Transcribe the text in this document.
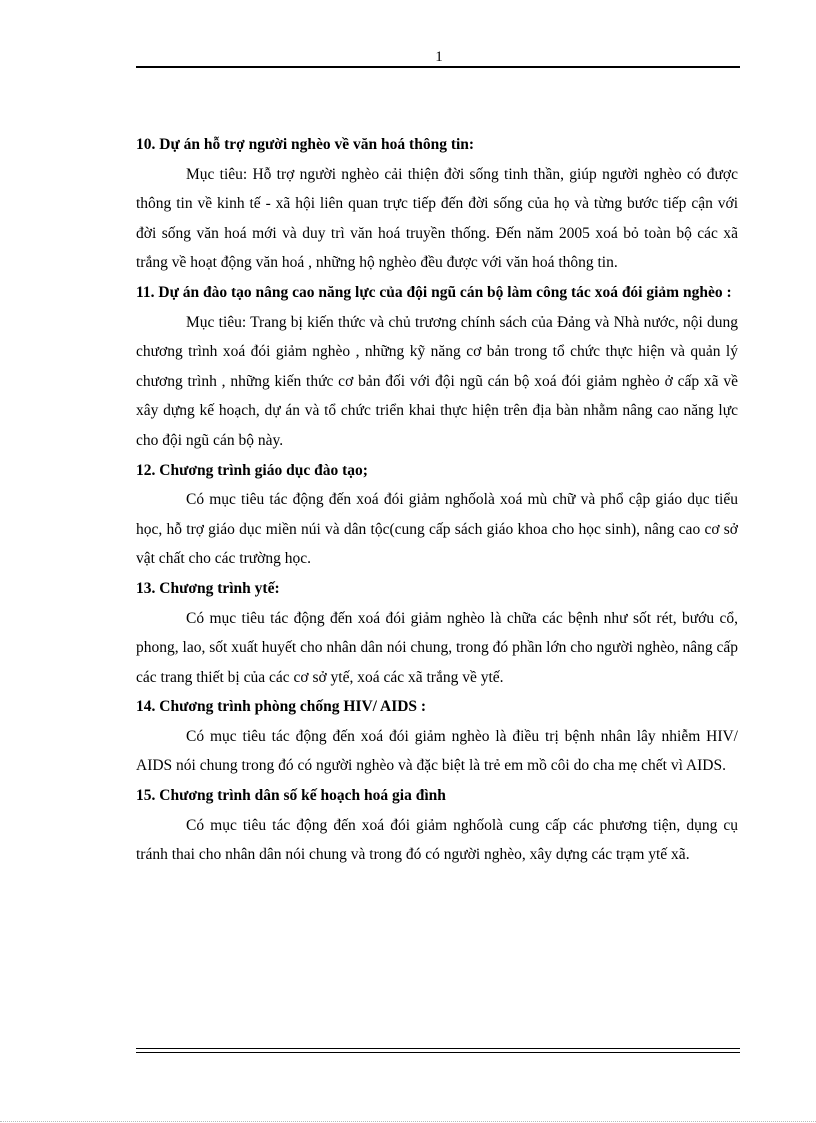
1

10. Dự án hỗ trợ người nghèo về văn hoá thông tin:

Mục tiêu: Hỗ trợ người nghèo cải thiện đời sống tinh thần, giúp người nghèo có được thông tin về kinh tế - xã hội liên quan trực tiếp đến đời sống của họ và từng bước tiếp cận với đời sống văn hoá mới và duy trì văn hoá truyền thống. Đến năm 2005 xoá bỏ toàn bộ các xã trắng về hoạt động văn hoá , những hộ nghèo đều được với văn hoá thông tin.

11. Dự án đào tạo nâng cao năng lực của đội ngũ cán bộ làm công tác xoá đói giảm nghèo :

Mục tiêu: Trang bị kiến thức và chủ trương chính sách của Đảng và Nhà nước, nội dung chương trình xoá đói giảm nghèo , những kỹ năng cơ bản trong tổ chức thực hiện và quản lý chương trình , những kiến thức cơ bản đối với đội ngũ cán bộ xoá đói giảm nghèo ở cấp xã về xây dựng kế hoạch, dự án và tổ chức triển khai thực hiện trên địa bàn nhằm nâng cao năng lực cho đội ngũ cán bộ này.

12. Chương trình giáo dục đào tạo;

Có mục tiêu tác động đến xoá đói giảm nghốolà xoá mù chữ và phổ cập giáo dục tiểu học, hỗ trợ giáo dục miền núi và dân tộc(cung cấp sách giáo khoa cho học sinh), nâng cao cơ sở vật chất cho các trường học.

13. Chương trình ytế:

Có mục tiêu tác động đến xoá đói giảm nghèo là chữa các bệnh như sốt rét, bướu cổ, phong, lao, sốt xuất huyết cho nhân dân nói chung, trong đó phần lớn cho người nghèo, nâng cấp các trang thiết bị của các cơ sở ytế, xoá các xã trắng về ytế.

14. Chương trình phòng chống HIV/ AIDS :

Có mục tiêu tác động đến xoá đói giảm nghèo là điều trị bệnh nhân lây nhiễm HIV/ AIDS nói chung trong đó có người nghèo và đặc biệt là trẻ em mồ côi do cha mẹ chết vì AIDS.

15. Chương trình dân số kế hoạch hoá gia đình

Có mục tiêu tác động đến xoá đói giảm nghốolà cung cấp các phương tiện, dụng cụ tránh thai cho nhân dân nói chung và trong đó có người nghèo, xây dựng các trạm ytế xã.
